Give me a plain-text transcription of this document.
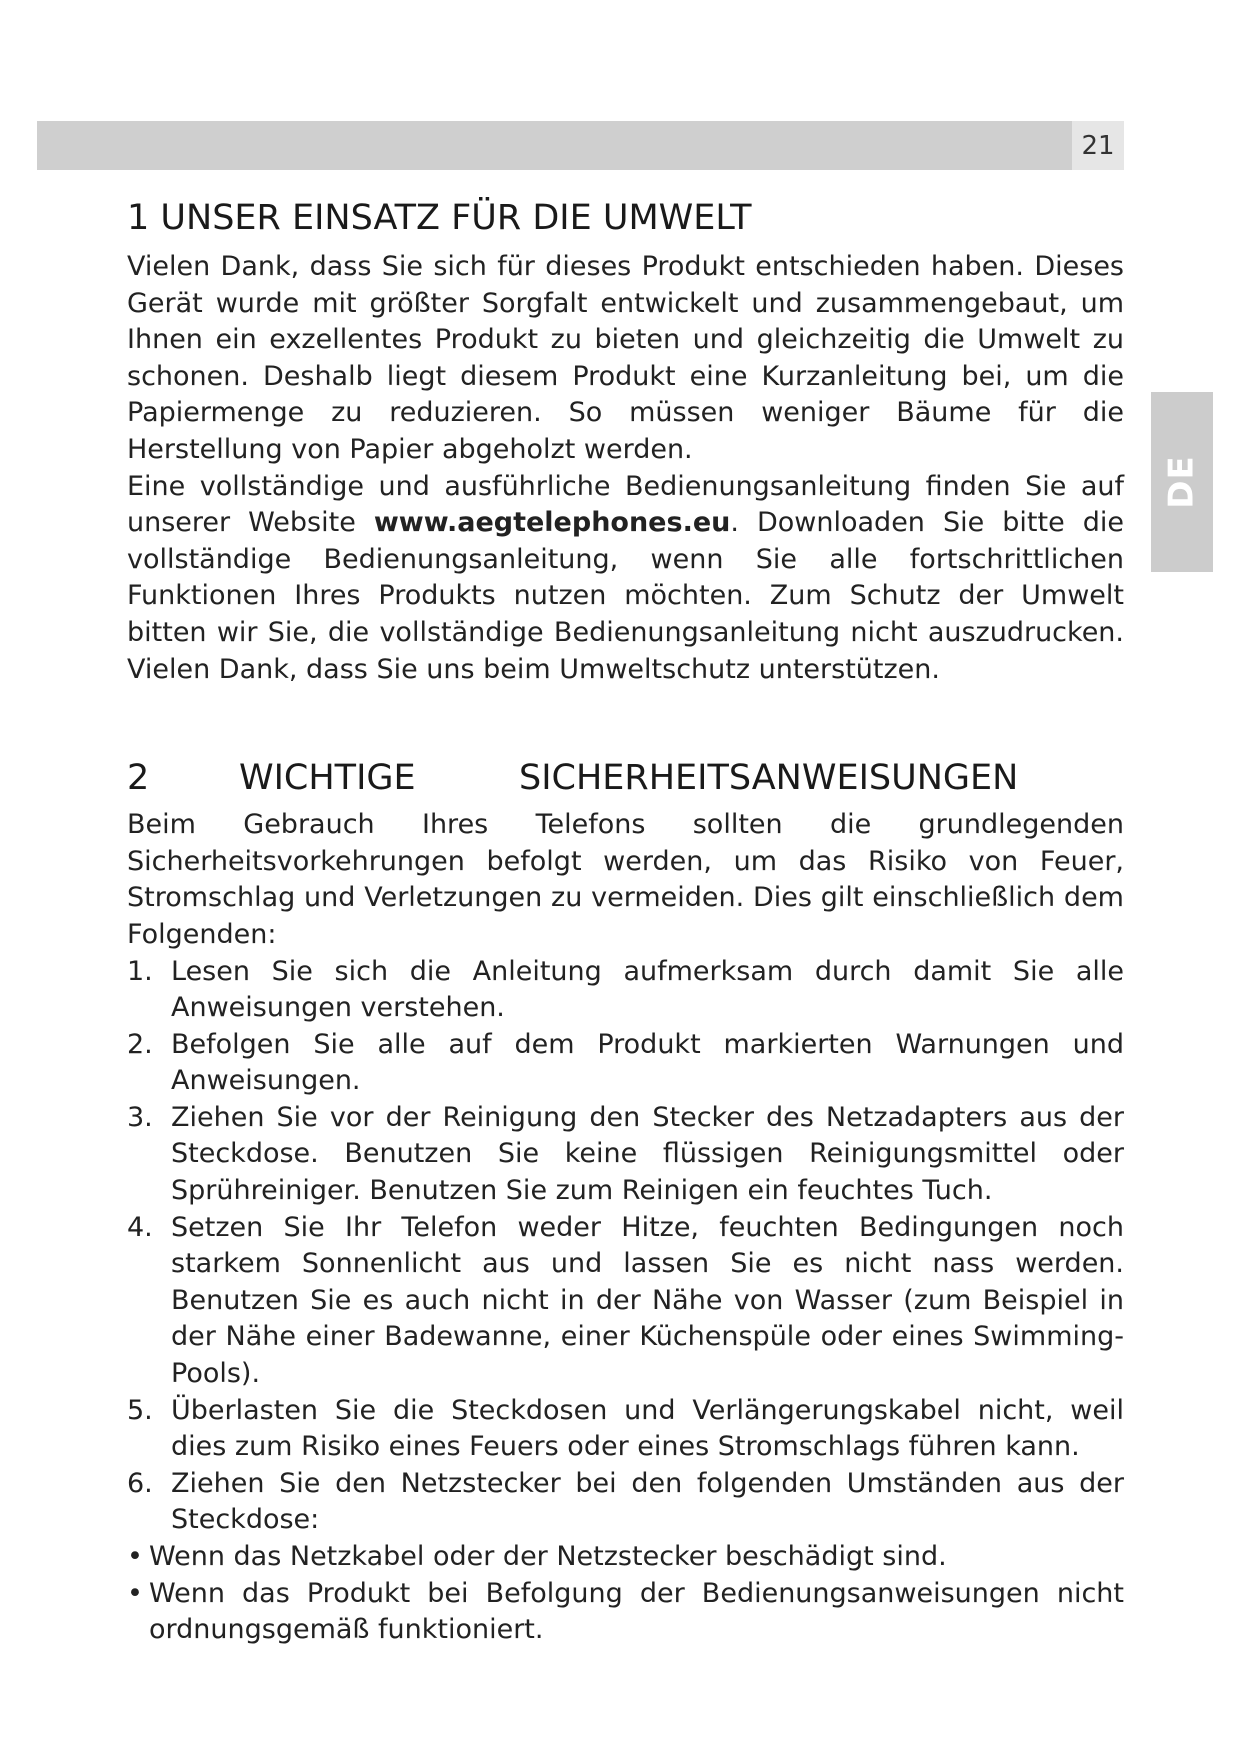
21
DE
1 UNSER EINSATZ FÜR DIE UMWELT

Vielen Dank, dass Sie sich für dieses Produkt entschieden haben. Dieses Gerät wurde mit größter Sorgfalt entwickelt und zusammengebaut, um Ihnen ein exzellentes Produkt zu bieten und gleichzeitig die Umwelt zu schonen. Deshalb liegt diesem Produkt eine Kurzanleitung bei, um die Papiermenge zu reduzieren. So müssen weniger Bäume für die Herstellung von Papier abgeholzt werden.

Eine vollständige und ausführliche Bedienungsanleitung finden Sie auf unserer Website www.aegtelephones.eu. Downloaden Sie bitte die vollständige Bedienungsanleitung, wenn Sie alle fortschrittlichen Funktionen Ihres Produkts nutzen möchten. Zum Schutz der Umwelt bitten wir Sie, die vollständige Bedienungsanleitung nicht auszudrucken. Vielen Dank, dass Sie uns beim Umweltschutz unterstützen.

2	WICHTIGE	SICHERHEITSANWEISUNGEN

Beim Gebrauch Ihres Telefons sollten die grundlegenden Sicherheitsvorkehrungen befolgt werden, um das Risiko von Feuer, Stromschlag und Verletzungen zu vermeiden. Dies gilt einschließlich dem Folgenden:

1. Lesen Sie sich die Anleitung aufmerksam durch damit Sie alle Anweisungen verstehen.
2. Befolgen Sie alle auf dem Produkt markierten Warnungen und Anweisungen.
3. Ziehen Sie vor der Reinigung den Stecker des Netzadapters aus der Steckdose. Benutzen Sie keine flüssigen Reinigungsmittel oder Sprühreiniger. Benutzen Sie zum Reinigen ein feuchtes Tuch.
4. Setzen Sie Ihr Telefon weder Hitze, feuchten Bedingungen noch starkem Sonnenlicht aus und lassen Sie es nicht nass werden. Benutzen Sie es auch nicht in der Nähe von Wasser (zum Beispiel in der Nähe einer Badewanne, einer Küchenspüle oder eines Swimming-Pools).
5. Überlasten Sie die Steckdosen und Verlängerungskabel nicht, weil dies zum Risiko eines Feuers oder eines Stromschlags führen kann.
6. Ziehen Sie den Netzstecker bei den folgenden Umständen aus der Steckdose:
• Wenn das Netzkabel oder der Netzstecker beschädigt sind.
• Wenn das Produkt bei Befolgung der Bedienungsanweisungen nicht ordnungsgemäß funktioniert.
